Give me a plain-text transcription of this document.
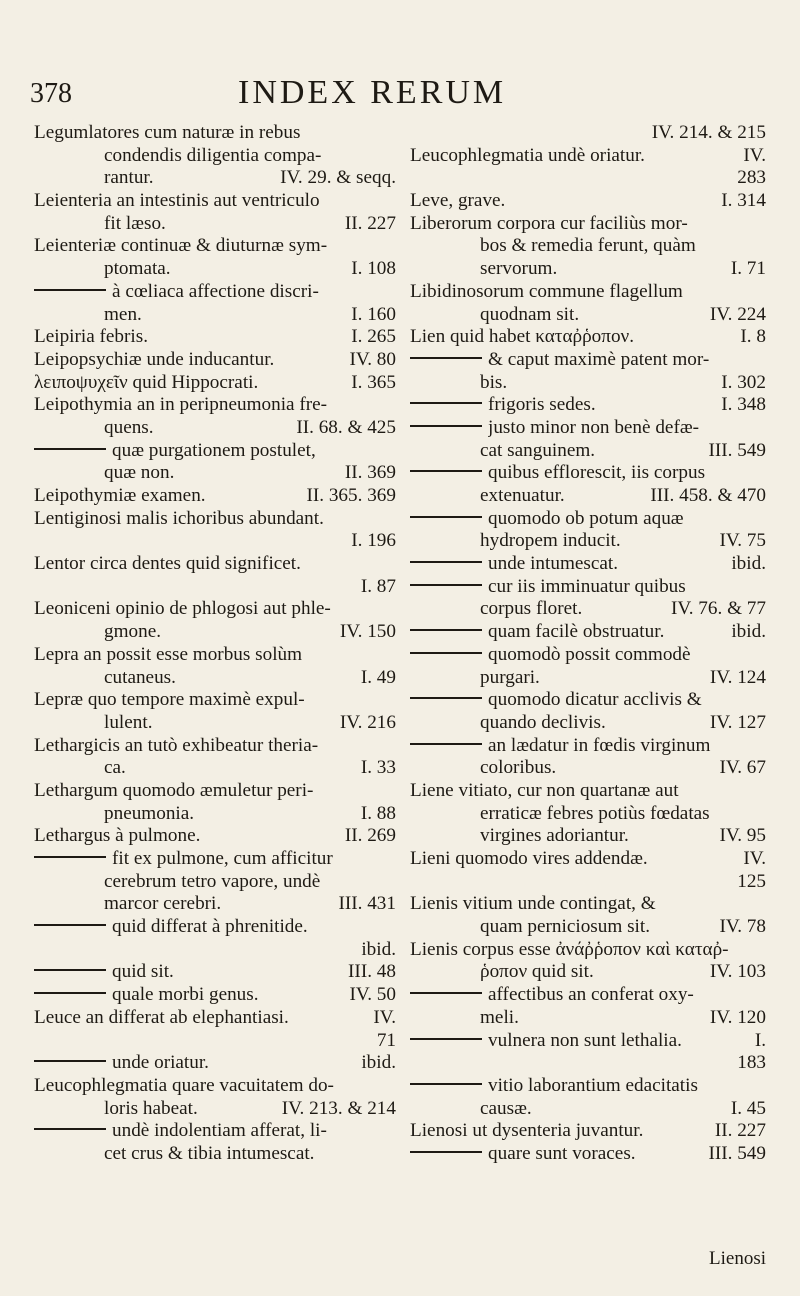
378	INDEX RERUM
Legumlatores cum naturæ in rebus
condendis diligentia compa-
rantur.	IV. 29. & seqq.
Leienteria an intestinis aut ventriculo
fit læso.	II. 227
Leienteriæ continuæ & diuturnæ sym-
ptomata.	I. 108
à cœliaca affectione discri-
men.	I. 160
Leipiria febris.	I. 265
Leipopsychiæ unde inducantur.	IV. 80
λειποψυχεῖν quid Hippocrati.	I. 365
Leipothymia an in peripneumonia fre-
quens.	II. 68. & 425
quæ purgationem postulet,
quæ non.	II. 369
Leipothymiæ examen.	II. 365. 369
Lentiginosi malis ichoribus abundant.
I. 196
Lentor circa dentes quid significet.
I. 87
Leoniceni opinio de phlogosi aut phle-
gmone.	IV. 150
Lepra an possit esse morbus solùm
cutaneus.	I. 49
Lepræ quo tempore maximè expul-
lulent.	IV. 216
Lethargicis an tutò exhibeatur theria-
ca.	I. 33
Lethargum quomodo æmuletur peri-
pneumonia.	I. 88
Lethargus à pulmone.	II. 269
fit ex pulmone, cum afficitur
cerebrum tetro vapore, undè
marcor cerebri.	III. 431
quid differat à phrenitide.
ibid.
quid sit.	III. 48
quale morbi genus.	IV. 50
Leuce an differat ab elephantiasi.	IV.
71
unde oriatur.	ibid.
Leucophlegmatia quare vacuitatem do-
loris habeat.	IV. 213. & 214
undè indolentiam afferat, li-
cet crus & tibia intumescat.
IV. 214. & 215
Leucophlegmatia undè oriatur.	IV.
283
Leve, grave.	I. 314
Liberorum corpora cur faciliùs mor-
bos & remedia ferunt, quàm
servorum.	I. 71
Libidinosorum commune flagellum
quodnam sit.	IV. 224
Lien quid habet καταῤῥοπον.	I. 8
& caput maximè patent mor-
bis.	I. 302
frigoris sedes.	I. 348
justo minor non benè defæ-
cat sanguinem.	III. 549
quibus efflorescit, iis corpus
extenuatur.	III. 458. & 470
quomodo ob potum aquæ
hydropem inducit.	IV. 75
unde intumescat.	ibid.
cur iis imminuatur quibus
corpus floret.	IV. 76. & 77
quam facilè obstruatur.	ibid.
quomodò possit commodè
purgari.	IV. 124
quomodo dicatur acclivis &
quando declivis.	IV. 127
an lædatur in fœdis virginum
coloribus.	IV. 67
Liene vitiato, cur non quartanæ aut
erraticæ febres potiùs fœdatas
virgines adoriantur.	IV. 95
Lieni quomodo vires addendæ.	IV.
125
Lienis vitium unde contingat, &
quam perniciosum sit.	IV. 78
Lienis corpus esse ἀνάῤῥοπον καὶ καταῤ-
ῥοπον quid sit.	IV. 103
affectibus an conferat oxy-
meli.	IV. 120
vulnera non sunt lethalia.	I.
183
vitio laborantium edacitatis
causæ.	I. 45
Lienosi ut dysenteria juvantur.	II. 227
quare sunt voraces.	III. 549
Lienosi
